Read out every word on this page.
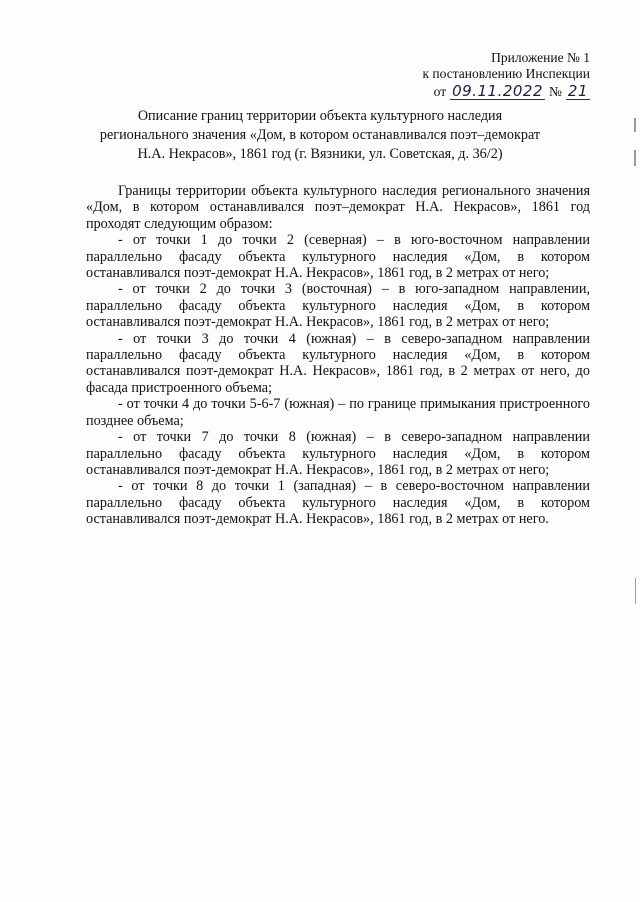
Приложение № 1
к постановлению Инспекции
от 09.11.2022 № 21
Описание границ территории объекта культурного наследия
регионального значения «Дом, в котором останавливался поэт–демократ
Н.А. Некрасов», 1861 год (г. Вязники, ул. Советская, д. 36/2)

Границы территории объекта культурного наследия регионального значения «Дом, в котором останавливался поэт–демократ Н.А. Некрасов», 1861 год проходят следующим образом:

- от точки 1 до точки 2 (северная) – в юго-восточном направлении параллельно фасаду объекта культурного наследия «Дом, в котором останавливался поэт-демократ Н.А. Некрасов», 1861 год, в 2 метрах от него;

- от точки 2 до точки 3 (восточная) – в юго-западном направлении, параллельно фасаду объекта культурного наследия «Дом, в котором останавливался поэт-демократ Н.А. Некрасов», 1861 год, в 2 метрах от него;

- от точки 3 до точки 4 (южная) – в северо-западном направлении параллельно фасаду объекта культурного наследия «Дом, в котором останавливался поэт-демократ Н.А. Некрасов», 1861 год, в 2 метрах от него, до фасада пристроенного объема;

- от точки 4 до точки 5-6-7 (южная) – по границе примыкания пристроенного позднее объема;

- от точки 7 до точки 8 (южная) – в северо-западном направлении параллельно фасаду объекта культурного наследия «Дом, в котором останавливался поэт-демократ Н.А. Некрасов», 1861 год, в 2 метрах от него;

- от точки 8 до точки 1 (западная) – в северо-восточном направлении параллельно фасаду объекта культурного наследия «Дом, в котором останавливался поэт-демократ Н.А. Некрасов», 1861 год, в 2 метрах от него.
